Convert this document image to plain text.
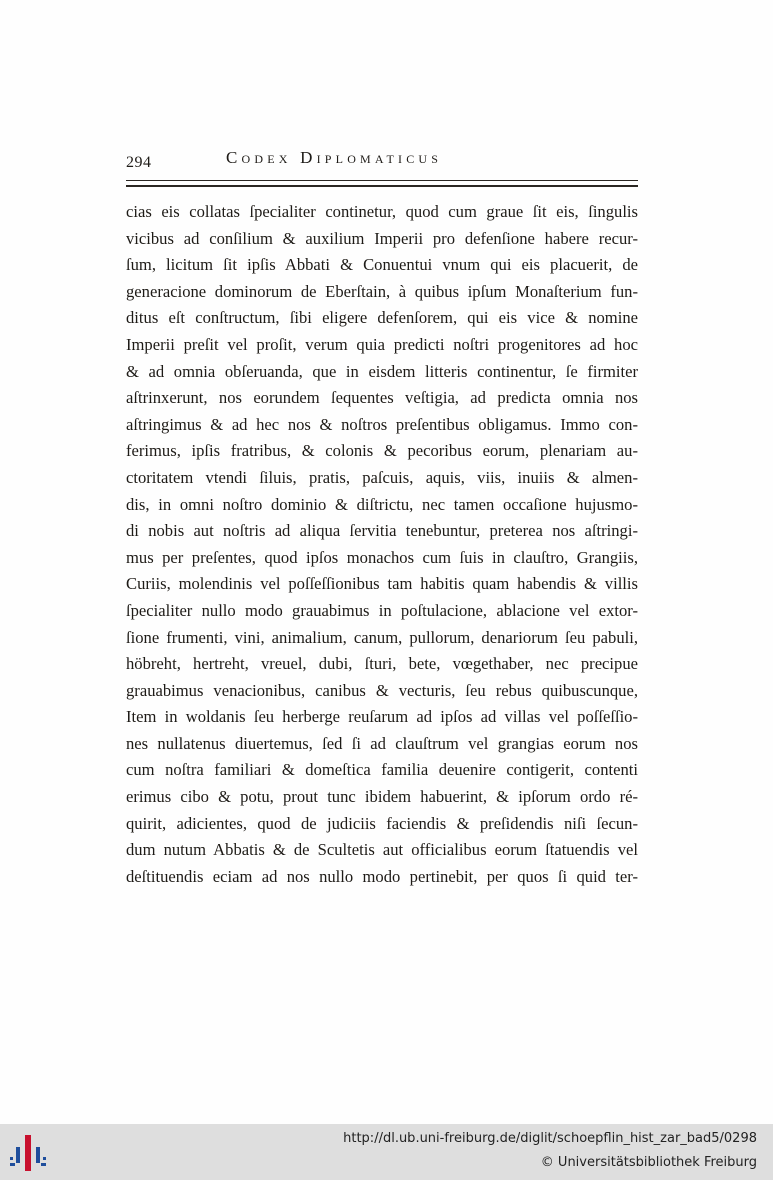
294	Codex Diplomaticus
cias eis collatas ſpecialiter continetur, quod cum graue ſit eis, ſingulis
vicibus ad conſilium & auxilium Imperii pro defenſione habere recur-
ſum, licitum ſit ipſis Abbati & Conuentui vnum qui eis placuerit, de
generacione dominorum de Eberſtain, à quibus ipſum Monaſterium fun-
ditus eſt conſtructum, ſibi eligere defenſorem, qui eis vice & nomine
Imperii preſit vel proſit, verum quia predicti noſtri progenitores ad hoc
& ad omnia obſeruanda, que in eisdem litteris continentur, ſe firmiter
aſtrinxerunt, nos eorundem ſequentes veſtigia, ad predicta omnia nos
aſtringimus & ad hec nos & noſtros preſentibus obligamus. Immo con-
ferimus, ipſis fratribus, & colonis & pecoribus eorum, plenariam au-
ctoritatem vtendi ſiluis, pratis, paſcuis, aquis, viis, inuiis & almen-
dis, in omni noſtro dominio & diſtrictu, nec tamen occaſione hujusmo-
di nobis aut noſtris ad aliqua ſervitia tenebuntur, preterea nos aſtringi-
mus per preſentes, quod ipſos monachos cum ſuis in clauſtro, Grangiis,
Curiis, molendinis vel poſſeſſionibus tam habitis quam habendis & villis
ſpecialiter nullo modo grauabimus in poſtulacione, ablacione vel extor-
ſione frumenti, vini, animalium, canum, pullorum, denariorum ſeu pabuli,
höbreht, hertreht, vreuel, dubi, ſturi, bete, vœgethaber, nec precipue
grauabimus venacionibus, canibus & vecturis, ſeu rebus quibuscunque,
Item in woldanis ſeu herberge reuſarum ad ipſos ad villas vel poſſeſſio-
nes nullatenus diuertemus, ſed ſi ad clauſtrum vel grangias eorum nos
cum noſtra familiari & domeſtica familia deuenire contigerit, contenti
erimus cibo & potu, prout tunc ibidem habuerint, & ipſorum ordo ré-
quirit, adicientes, quod de judiciis faciendis & preſidendis niſi ſecun-
dum nutum Abbatis & de Scultetis aut officialibus eorum ſtatuendis vel
deſtituendis eciam ad nos nullo modo pertinebit, per quos ſi quid ter-
http://dl.ub.uni-freiburg.de/diglit/schoepflin_hist_zar_bad5/0298
© Universitätsbibliothek Freiburg
